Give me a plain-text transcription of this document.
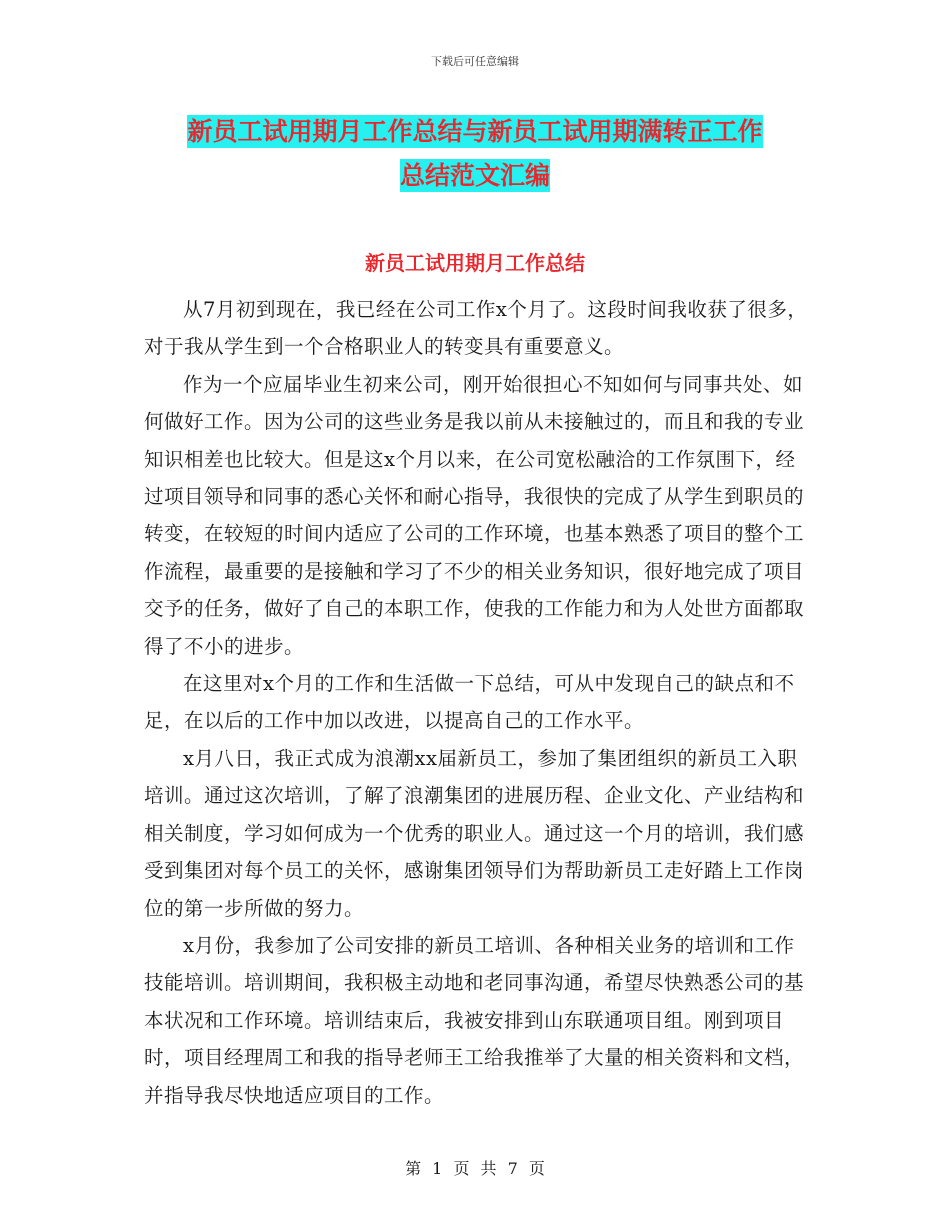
下载后可任意编辑
新员工试用期月工作总结与新员工试用期满转正工作
总结范文汇编
新员工试用期月工作总结

从7月初到现在，我已经在公司工作x个月了。这段时间我收获了很多，对于我从学生到一个合格职业人的转变具有重要意义。

作为一个应届毕业生初来公司，刚开始很担心不知如何与同事共处、如何做好工作。因为公司的这些业务是我以前从未接触过的，而且和我的专业知识相差也比较大。但是这x个月以来，在公司宽松融洽的工作氛围下，经过项目领导和同事的悉心关怀和耐心指导，我很快的完成了从学生到职员的转变，在较短的时间内适应了公司的工作环境，也基本熟悉了项目的整个工作流程，最重要的是接触和学习了不少的相关业务知识，很好地完成了项目交予的任务，做好了自己的本职工作，使我的工作能力和为人处世方面都取得了不小的进步。

在这里对x个月的工作和生活做一下总结，可从中发现自己的缺点和不足，在以后的工作中加以改进，以提高自己的工作水平。

x月八日，我正式成为浪潮xx届新员工，参加了集团组织的新员工入职培训。通过这次培训，了解了浪潮集团的进展历程、企业文化、产业结构和相关制度，学习如何成为一个优秀的职业人。通过这一个月的培训，我们感受到集团对每个员工的关怀，感谢集团领导们为帮助新员工走好踏上工作岗位的第一步所做的努力。

x月份，我参加了公司安排的新员工培训、各种相关业务的培训和工作技能培训。培训期间，我积极主动地和老同事沟通，希望尽快熟悉公司的基本状况和工作环境。培训结束后，我被安排到山东联通项目组。刚到项目时，项目经理周工和我的指导老师王工给我推举了大量的相关资料和文档，并指导我尽快地适应项目的工作。

第 1 页 共 7 页
